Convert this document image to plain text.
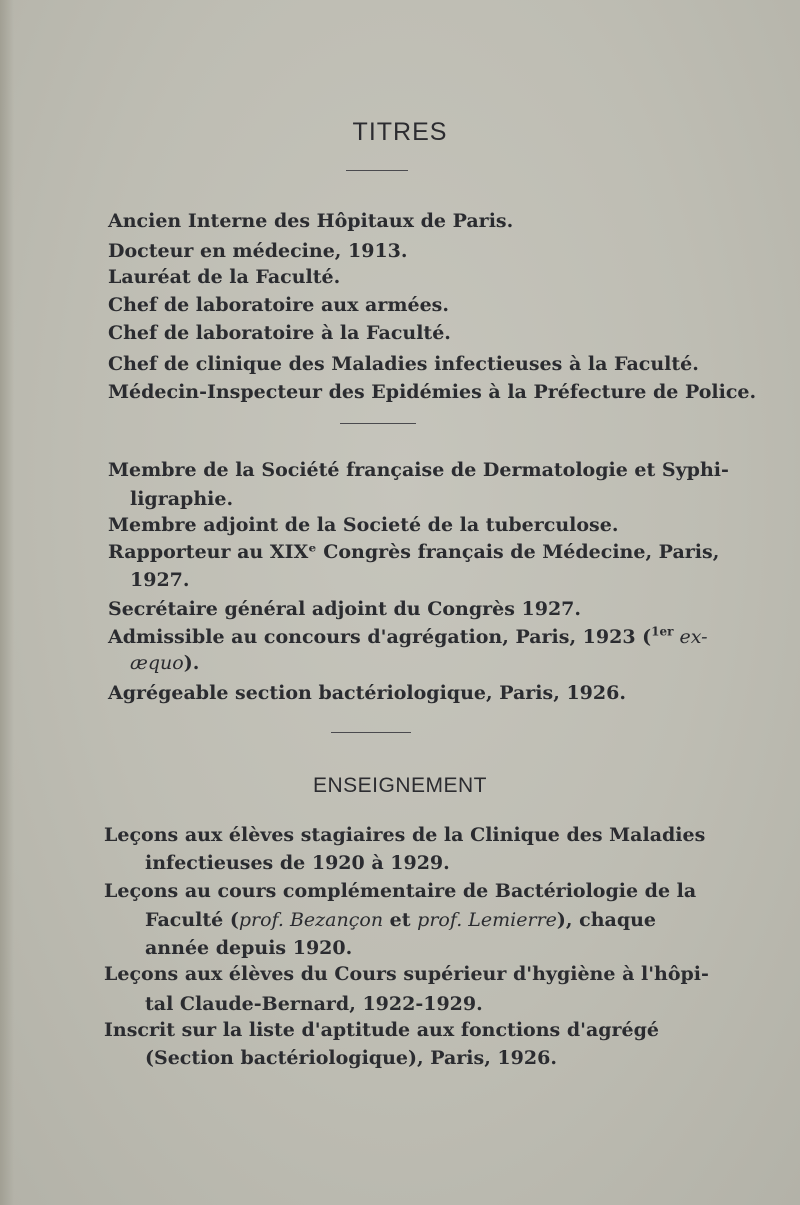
TITRES
Ancien Interne des Hôpitaux de Paris.
Docteur en médecine, 1913.
Lauréat de la Faculté.
Chef de laboratoire aux armées.
Chef de laboratoire à la Faculté.
Chef de clinique des Maladies infectieuses à la Faculté.
Médecin-Inspecteur des Epidémies à la Préfecture de Police.
Membre de la Société française de Dermatologie et Syphi-
ligraphie.
Membre adjoint de la Societé de la tuberculose.
Rapporteur au XIXᵉ Congrès français de Médecine, Paris,
1927.
Secrétaire général adjoint du Congrès 1927.
Admissible au concours d'agrégation, Paris, 1923 ($^{1er}$ ex-
æquo).
Agrégeable section bactériologique, Paris, 1926.
ENSEIGNEMENT
Leçons aux élèves stagiaires de la Clinique des Maladies
infectieuses de 1920 à 1929.
Leçons au cours complémentaire de Bactériologie de la
Faculté (prof. Bezançon et prof. Lemierre), chaque
année depuis 1920.
Leçons aux élèves du Cours supérieur d'hygiène à l'hôpi-
tal Claude-Bernard, 1922-1929.
Inscrit sur la liste d'aptitude aux fonctions d'agrégé
(Section bactériologique), Paris, 1926.
